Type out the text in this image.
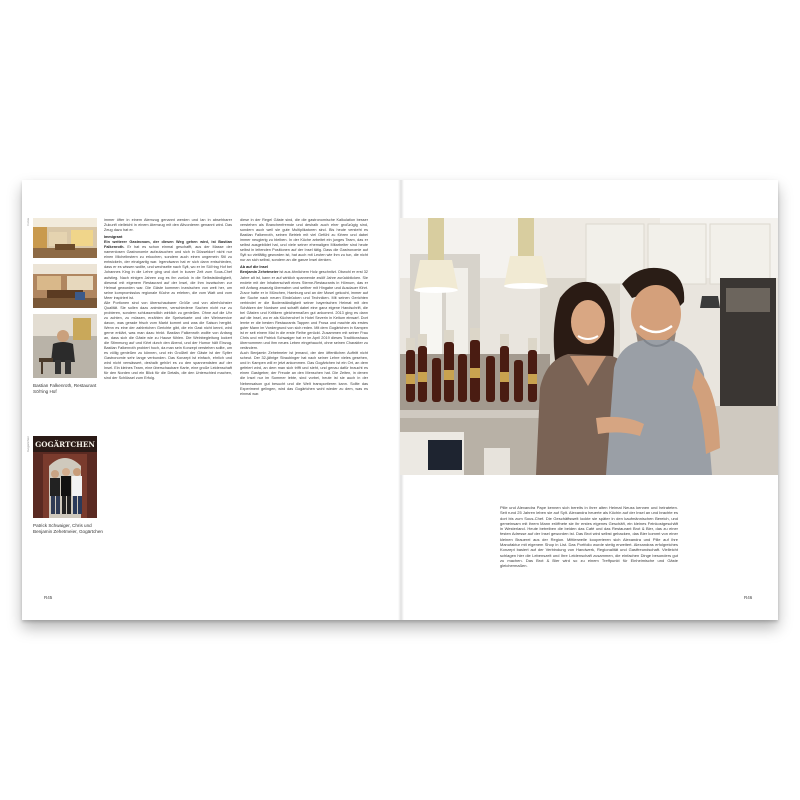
Fotos
Bastian Falkenroth, Restaurant Söl'ring Hof
Gogärtchen GOGÄRTCHEN
Patrick Schwaiger, Chris und Benjamin Zehetmeier, Gogärtchen

immer öfter in einem Atemzug genannt werden und Ian in absehbarer Zukunft vielleicht in einem Atemzug mit den Altvorderen genannt wird. Das Zeug dazu hat er.

Immigrant

Ein weiterer Gastronom, der diesen Weg gehen wird, ist Bastian Falkenroth. Er hat es schon einmal geschafft, aus der Masse der namenlosen Gastronomie aufzutauchen und sich in Düsseldorf nicht nur einen Michelinstern zu erkochen, sondern auch einen ungemein Stil zu entwickeln, der einzigartig war. Irgendwann hat er sich dann entschieden, dass er es wissen wollte, und wechselte nach Sylt, wo er im Söl'ring Hof bei Johannes King in die Lehre ging und dort in kurzer Zeit zum Sous-Chef aufstieg. Nach einigen Jahren zog es ihn zurück in die Selbstständigkeit, diesmal mit eigenem Restaurant auf der Insel, die ihm inzwischen zur Heimat geworden war. Die Gäste kommen inzwischen von weit her, um seine kompromisslos regionale Küche zu erleben, die vom Watt und vom Meer inspiriert ist.

Alle Portionen sind von überschaubarer Größe und von allerhöchster Qualität. Sie sollen dazu animieren, verschiedene Sachen nicht nur zu probieren, sondern schlussendlich wirklich zu genießen. Ohne auf die Uhr zu achten, zu müssen, erzählen die Speisekarte und der Weinservice davon, was gerade frisch vom Markt kommt und was die Saison hergibt. Wenn es eine der zahlreichen Gerichte gibt, die ein Gast nicht kennt, wird gerne erklärt, was man dazu trinkt. Bastian Falkenroth wollte von Anfang an, dass sich die Gäste wie zu Hause fühlen. Die Weinbegleitung lockert die Stimmung auf und führt durch den Abend, und der Humor hält Einzug. Bastian Falkenroth probiert hoch, da man sein Konzept verstehen sollte, um es völlig genießen zu können, und ein Großteil der Gäste ist der Sylter Gastronomie sehr lange verbunden. Das Konzept ist einfach, ehrlich und wird nicht verwässert, deshalb gehört es zu den spannendsten auf der Insel. Ein kleines Team, eine überschaubare Karte, eine große Leidenschaft für den Norden und ein Blick für die Details, die den Unterschied machen, sind der Schlüssel zum Erfolg.

diese in der Regel Gäste sind, die die gastronomische Kalkulation besser verstehen als Branchenfremde und deshalb auch eher großzügig sind, sondern auch weil sie gute Multiplikatoren sind. Bis heute versteht es Bastian Falkenroth, seinen Betrieb mit viel Gefühl zu führen und dabei immer neugierig zu bleiben. In der Küche arbeitet ein junges Team, das er selbst ausgebildet hat, und viele seiner ehemaligen Mitarbeiter sind heute selbst in leitenden Positionen auf der Insel tätig. Dass die Gastronomie auf Sylt so vielfältig geworden ist, hat auch mit Leuten wie ihm zu tun, die nicht nur an sich selbst, sondern an die ganze Insel denken.

Ab auf die Insel

Benjamin Zehetmeier ist aus ähnlichem Holz geschnitzt. Obwohl er erst 32 Jahre alt ist, kann er auf wirklich spannende zwölf Jahre zurückblicken. Sie endete mit der Inhaberschaft eines Sterne-Restaurants in Hörnum, das er mit Anfang zwanzig übernahm und seither mit Hingabe und Ausdauer führt. Zuvor hatte er in München, Hamburg und an der Mosel gekocht, immer auf der Suche nach neuen Eindrücken und Techniken. Mit seinen Gerichten verbindet er die Bodenständigkeit seiner bayerischen Heimat mit den Schätzen der Nordsee und schafft dabei eine ganz eigene Handschrift, die bei Gästen und Kritikern gleichermaßen gut ankommt. 2013 ging es dann auf die Insel, wo er als Küchenchef in Hotel Severin in Keitum einwarf. Dort lernte er die besten Restaurants Tappen und Frosa und machte als erstes guter Mann im Vordergrund von sich reden. Mit dem Gogärtchen in Kampen ist er seit einem Mal in die erste Reihe gerückt. Zusammen mit seiner Frau Chris und mit Patrick Schwaiger hat er im April 2019 dieses Traditionshaus übernommen und ihm neues Leben eingehaucht, ohne seinen Charakter zu verändern.

Auch Benjamin Zehetmeier ist jemand, der den öffentlichen Auftritt nicht scheut. Der 32-jährige Straubinger hat nach seiner Lehre vieles gesehen, und in Kampen will er jetzt ankommen. Das Gogärtchen ist ein Ort, an dem gefeiert wird, an dem man sich trifft und sieht, und genau dafür braucht es einen Gastgeber, der Freude an den Menschen hat. Die Zeiten, in denen die Insel nur im Sommer lebte, sind vorbei, heute ist sie auch in der Nebensaison gut besucht und die Welt transportieren kann. Sollte das Experiment gelingen, wird das Gogärtchen wohl wieder zu dem, was es einmal war.

R45

Pille und Alexandra Pape kennen sich bereits in ihrer alten Heimat Neuss kennen und heirateten. Seit rund 25 Jahren leben sie auf Sylt. Alexandra heuerte als Köchin auf der Insel an und brachte es dort bis zum Sous-Chef. Die Geschäftswelt lockte sie später in den kaufmännischen Bereich, und gemeinsam mit ihrem Mann eröffnete sie ihr erstes eigenes Geschäft, ein kleines Feinkostgeschäft in Westerland. Heute betreiben die beiden das Café und das Restaurant Brot & Bier, das zu einer festen Adresse auf der Insel geworden ist. Das Brot wird selbst gebacken, das Bier kommt von einer kleinen Brauerei aus der Region. Mittlerweile kooperieren sich Alexandra und Pille auf ihre Manufaktur mit eigenem Shop in List. Das Portfolio wurde stetig erweitert. Alexandras erfolgreiches Konzept basiert auf der Verbindung von Handwerk, Regionalität und Gastfreundschaft. Vielleicht schlagen hier die Lebenszeit und Ihre Leidenschaft zusammen, die einfachen Dinge besonders gut zu machen. Das Brot & Bier wird so zu einem Treffpunkt für Einheimische und Gäste gleichermaßen.

R46
